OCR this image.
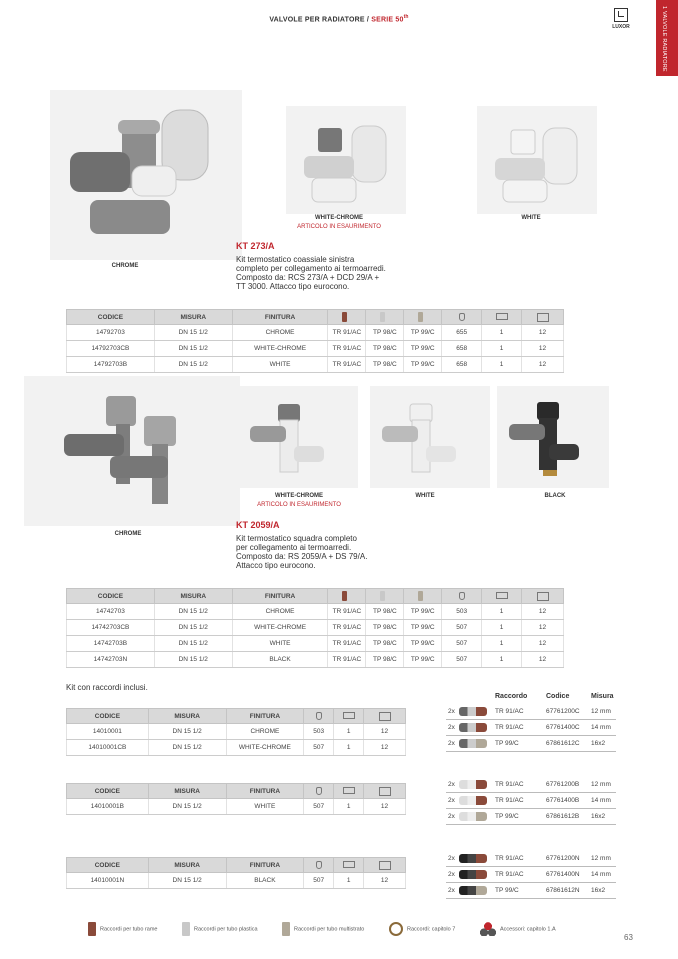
VALVOLE PER RADIATORE / SERIE 50th
LUXOR	1 VALVOLE RADIATORE
CHROME
WHITE-CHROME
ARTICOLO IN ESAURIMENTO
WHITE
KT 273/A
Kit termostatico coassiale sinistra
completo per collegamento ai termoarredi.
Composto da: RCS 273/A + DCD 29/A +
TT 3000. Attacco tipo eurocono.
CODICE	MISURA	FINITURA						
14792703	DN 15 1/2	CHROME	TR 91/AC	TP 98/C	TP 99/C	655	1	12
14792703CB	DN 15 1/2	WHITE-CHROME	TR 91/AC	TP 98/C	TP 99/C	658	1	12
14792703B	DN 15 1/2	WHITE	TR 91/AC	TP 98/C	TP 99/C	658	1	12
CHROME
WHITE-CHROME
ARTICOLO IN ESAURIMENTO
WHITE	BLACK
KT 2059/A
Kit termostatico squadra completo
per collegamento ai termoarredi.
Composto da: RS 2059/A + DS 79/A.
Attacco tipo eurocono.
CODICE	MISURA	FINITURA						
14742703	DN 15 1/2	CHROME	TR 91/AC	TP 98/C	TP 99/C	503	1	12
14742703CB	DN 15 1/2	WHITE-CHROME	TR 91/AC	TP 98/C	TP 99/C	507	1	12
14742703B	DN 15 1/2	WHITE	TR 91/AC	TP 98/C	TP 99/C	507	1	12
14742703N	DN 15 1/2	BLACK	TR 91/AC	TP 98/C	TP 99/C	507	1	12
Kit con raccordi inclusi.
CODICE	MISURA	FINITURA			
14010001	DN 15 1/2	CHROME	503	1	12
14010001CB	DN 15 1/2	WHITE-CHROME	507	1	12
CODICE	MISURA	FINITURA			
14010001B	DN 15 1/2	WHITE	507	1	12
CODICE	MISURA	FINITURA			
14010001N	DN 15 1/2	BLACK	507	1	12
Raccordo	Codice	Misura
2x	TR 91/AC	67761200C 12 mm
2x	TR 91/AC	67761400C 14 mm
2x	TP 99/C	67861612C 16x2
2x	TR 91/AC	67761200B 12 mm
2x	TR 91/AC	67761400B 14 mm
2x	TP 99/C	67861612B 16x2
2x	TR 91/AC	67761200N 12 mm
2x	TR 91/AC	67761400N 14 mm
2x	TP 99/C	67861612N 16x2
Raccordi per tubo rame	Raccordi per tubo plastica	Raccordi per tubo multistrato	Raccordi: capitolo 7	Accessori: capitolo 1.A
63
